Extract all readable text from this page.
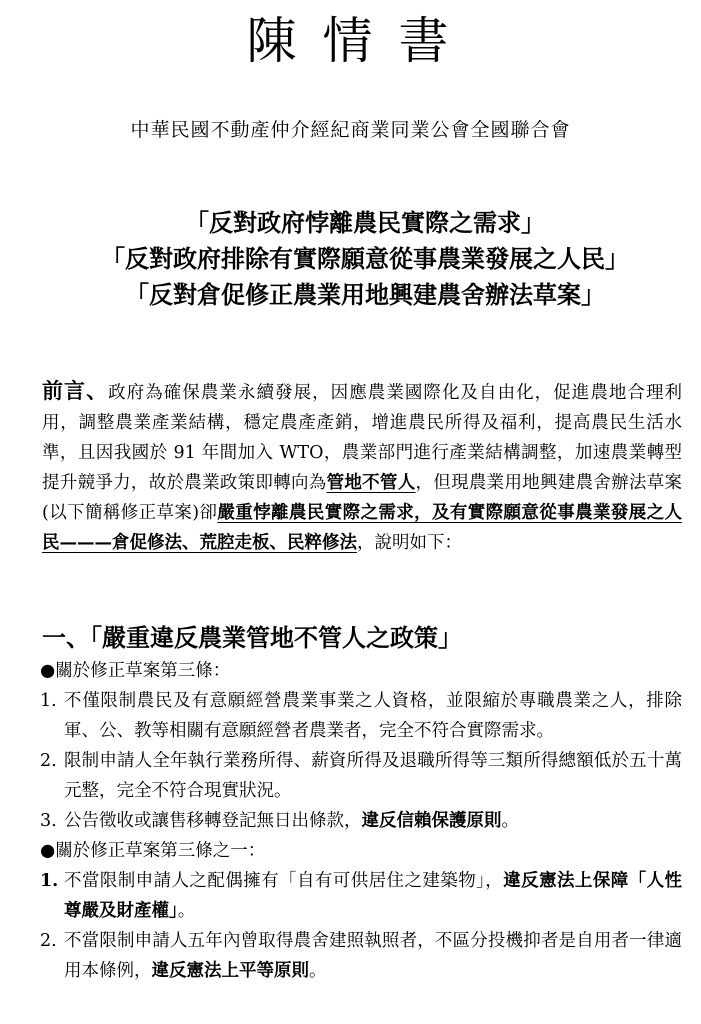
陳情書
中華民國不動產仲介經紀商業同業公會全國聯合會
「反對政府悖離農民實際之需求」
「反對政府排除有實際願意從事農業發展之人民」
「反對倉促修正農業用地興建農舍辦法草案」
前言、政府為確保農業永續發展，因應農業國際化及自由化，促進農地合理利用，調整農業產業結構，穩定農產產銷，增進農民所得及福利，提高農民生活水準，且因我國於 91 年間加入 WTO，農業部門進行產業結構調整，加速農業轉型提升競爭力，故於農業政策即轉向為管地不管人，但現農業用地興建農舍辦法草案(以下簡稱修正草案)卻嚴重悖離農民實際之需求，及有實際願意從事農業發展之人民———倉促修法、荒腔走板、民粹修法，說明如下：
一、「嚴重違反農業管地不管人之政策」
●關於修正草案第三條：
1. 不僅限制農民及有意願經營農業事業之人資格，並限縮於專職農業之人，排除軍、公、教等相關有意願經營者農業者，完全不符合實際需求。
2. 限制申請人全年執行業務所得、薪資所得及退職所得等三類所得總額低於五十萬元整，完全不符合現實狀況。
3. 公告徵收或讓售移轉登記無日出條款，違反信賴保護原則。
●關於修正草案第三條之一：
1. 不當限制申請人之配偶擁有「自有可供居住之建築物」，違反憲法上保障「人性尊嚴及財產權」。
2. 不當限制申請人五年內曾取得農舍建照執照者，不區分投機抑者是自用者一律適用本條例，違反憲法上平等原則。
